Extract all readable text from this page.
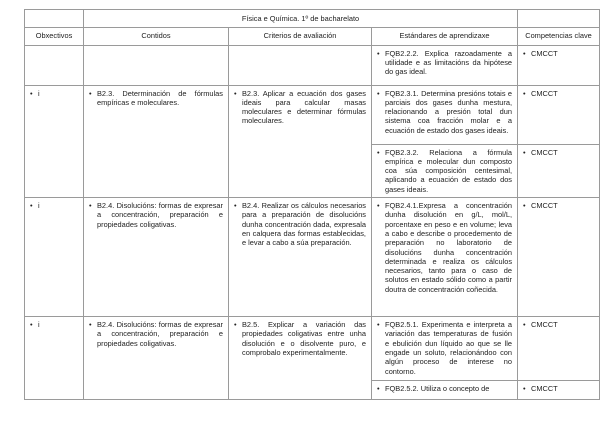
	Física e Química. 1º de bacharelato			
Obxectivos	Contidos	Criterios de avaliación	Estándares de aprendizaxe	Competencias clave

			• FQB2.2.2. Explica razoadamente a utilidade e as limitacións da hipótese do gas ideal.	• CMCCT

• i	• B2.3. Determinación de fórmulas empíricas e moleculares.	• B2.3. Aplicar a ecuación dos gases ideais para calcular masas moleculares e determinar fórmulas moleculares.	• FQB2.3.1. Determina presións totais e parciais dos gases dunha mestura, relacionando a presión total dun sistema coa fracción molar e a ecuación de estado dos gases ideais.	• CMCCT

			• FQB2.3.2. Relaciona a fórmula empírica e molecular dun composto coa súa composición centesimal, aplicando a ecuación de estado dos gases ideais.	• CMCCT

• i	• B2.4. Disolucións: formas de expresar a concentración, preparación e propiedades coligativas.	• B2.4. Realizar os cálculos necesarios para a preparación de disolucións dunha concentración dada, expresala en calquera das formas establecidas, e levar a cabo a súa preparación.	• FQB2.4.1.Expresa a concentración dunha disolución en g/L, mol/L, porcentaxe en peso e en volume; leva a cabo e describe o procedemento de preparación no laboratorio de disolucións dunha concentración determinada e realiza os cálculos necesarios, tanto para o caso de solutos en estado sólido como a partir doutra de concentración coñecida.	• CMCCT

• i	• B2.4. Disolucións: formas de expresar a concentración, preparación e propiedades coligativas.	• B2.5. Explicar a variación das propiedades coligativas entre unha disolución e o disolvente puro, e comprobalo experimentalmente.	• FQB2.5.1. Experimenta e interpreta a variación das temperaturas de fusión e ebulición dun líquido ao que se lle engade un soluto, relacionándoo con algún proceso de interese no contorno.	• CMCCT

			• FQB2.5.2. Utiliza o concepto de	• CMCCT
